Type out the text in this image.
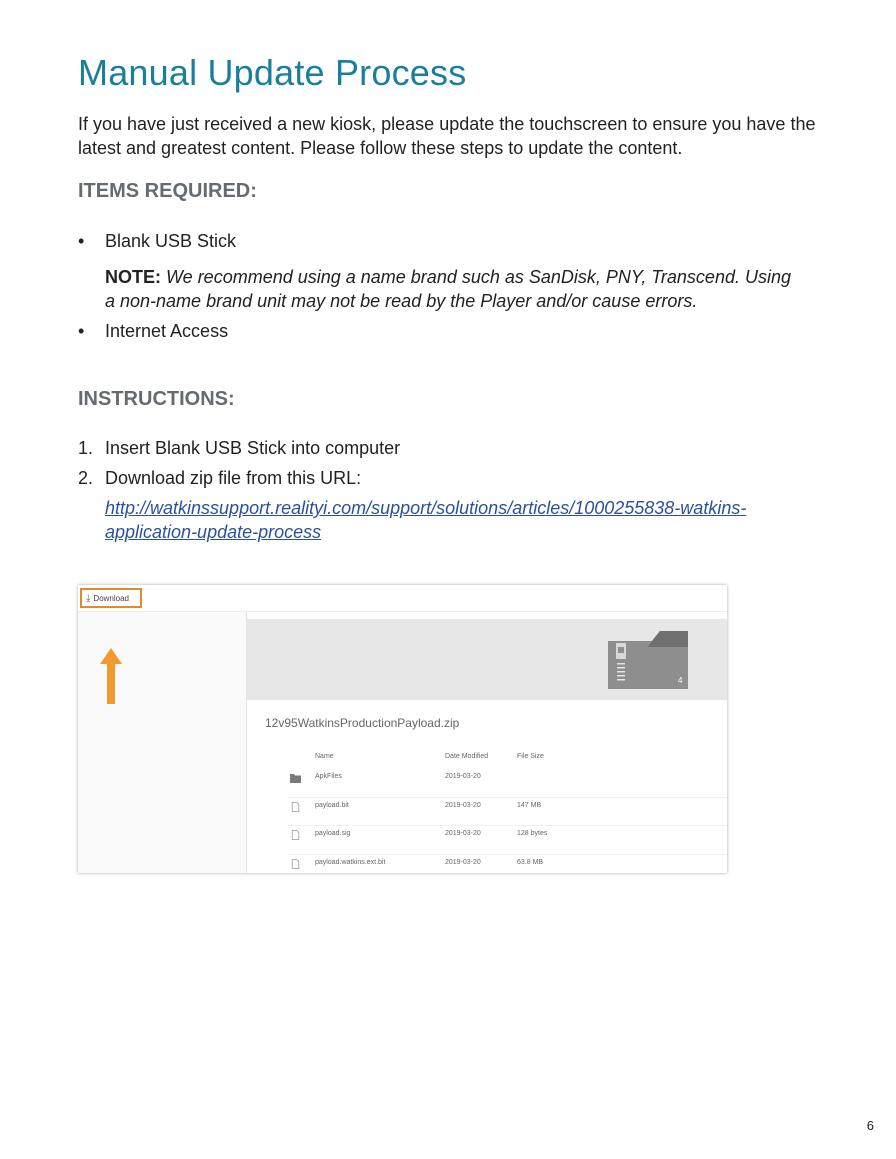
Manual Update Process

If you have just received a new kiosk, please update the touchscreen to ensure you have the latest and greatest content. Please follow these steps to update the content.

ITEMS REQUIRED:
• Blank USB Stick
NOTE: We recommend using a name brand such as SanDisk, PNY, Transcend. Using a non-name brand unit may not be read by the Player and/or cause errors.
• Internet Access
INSTRUCTIONS:
1. Insert Blank USB Stick into computer
2. Download zip file from this URL:
http://watkinssupport.realityi.com/support/solutions/articles/1000255838-watkins-application-update-process
⤓ Download
4
12v95WatkinsProductionPayload.zip
Name	Date Modified	File Size
ApkFiles	2019-03-20
payload.bit	2019-03-20	147 MB
payload.sig	2019-03-20	128 bytes
payload.watkins.ext.bit	2019-03-20	63.8 MB
6
